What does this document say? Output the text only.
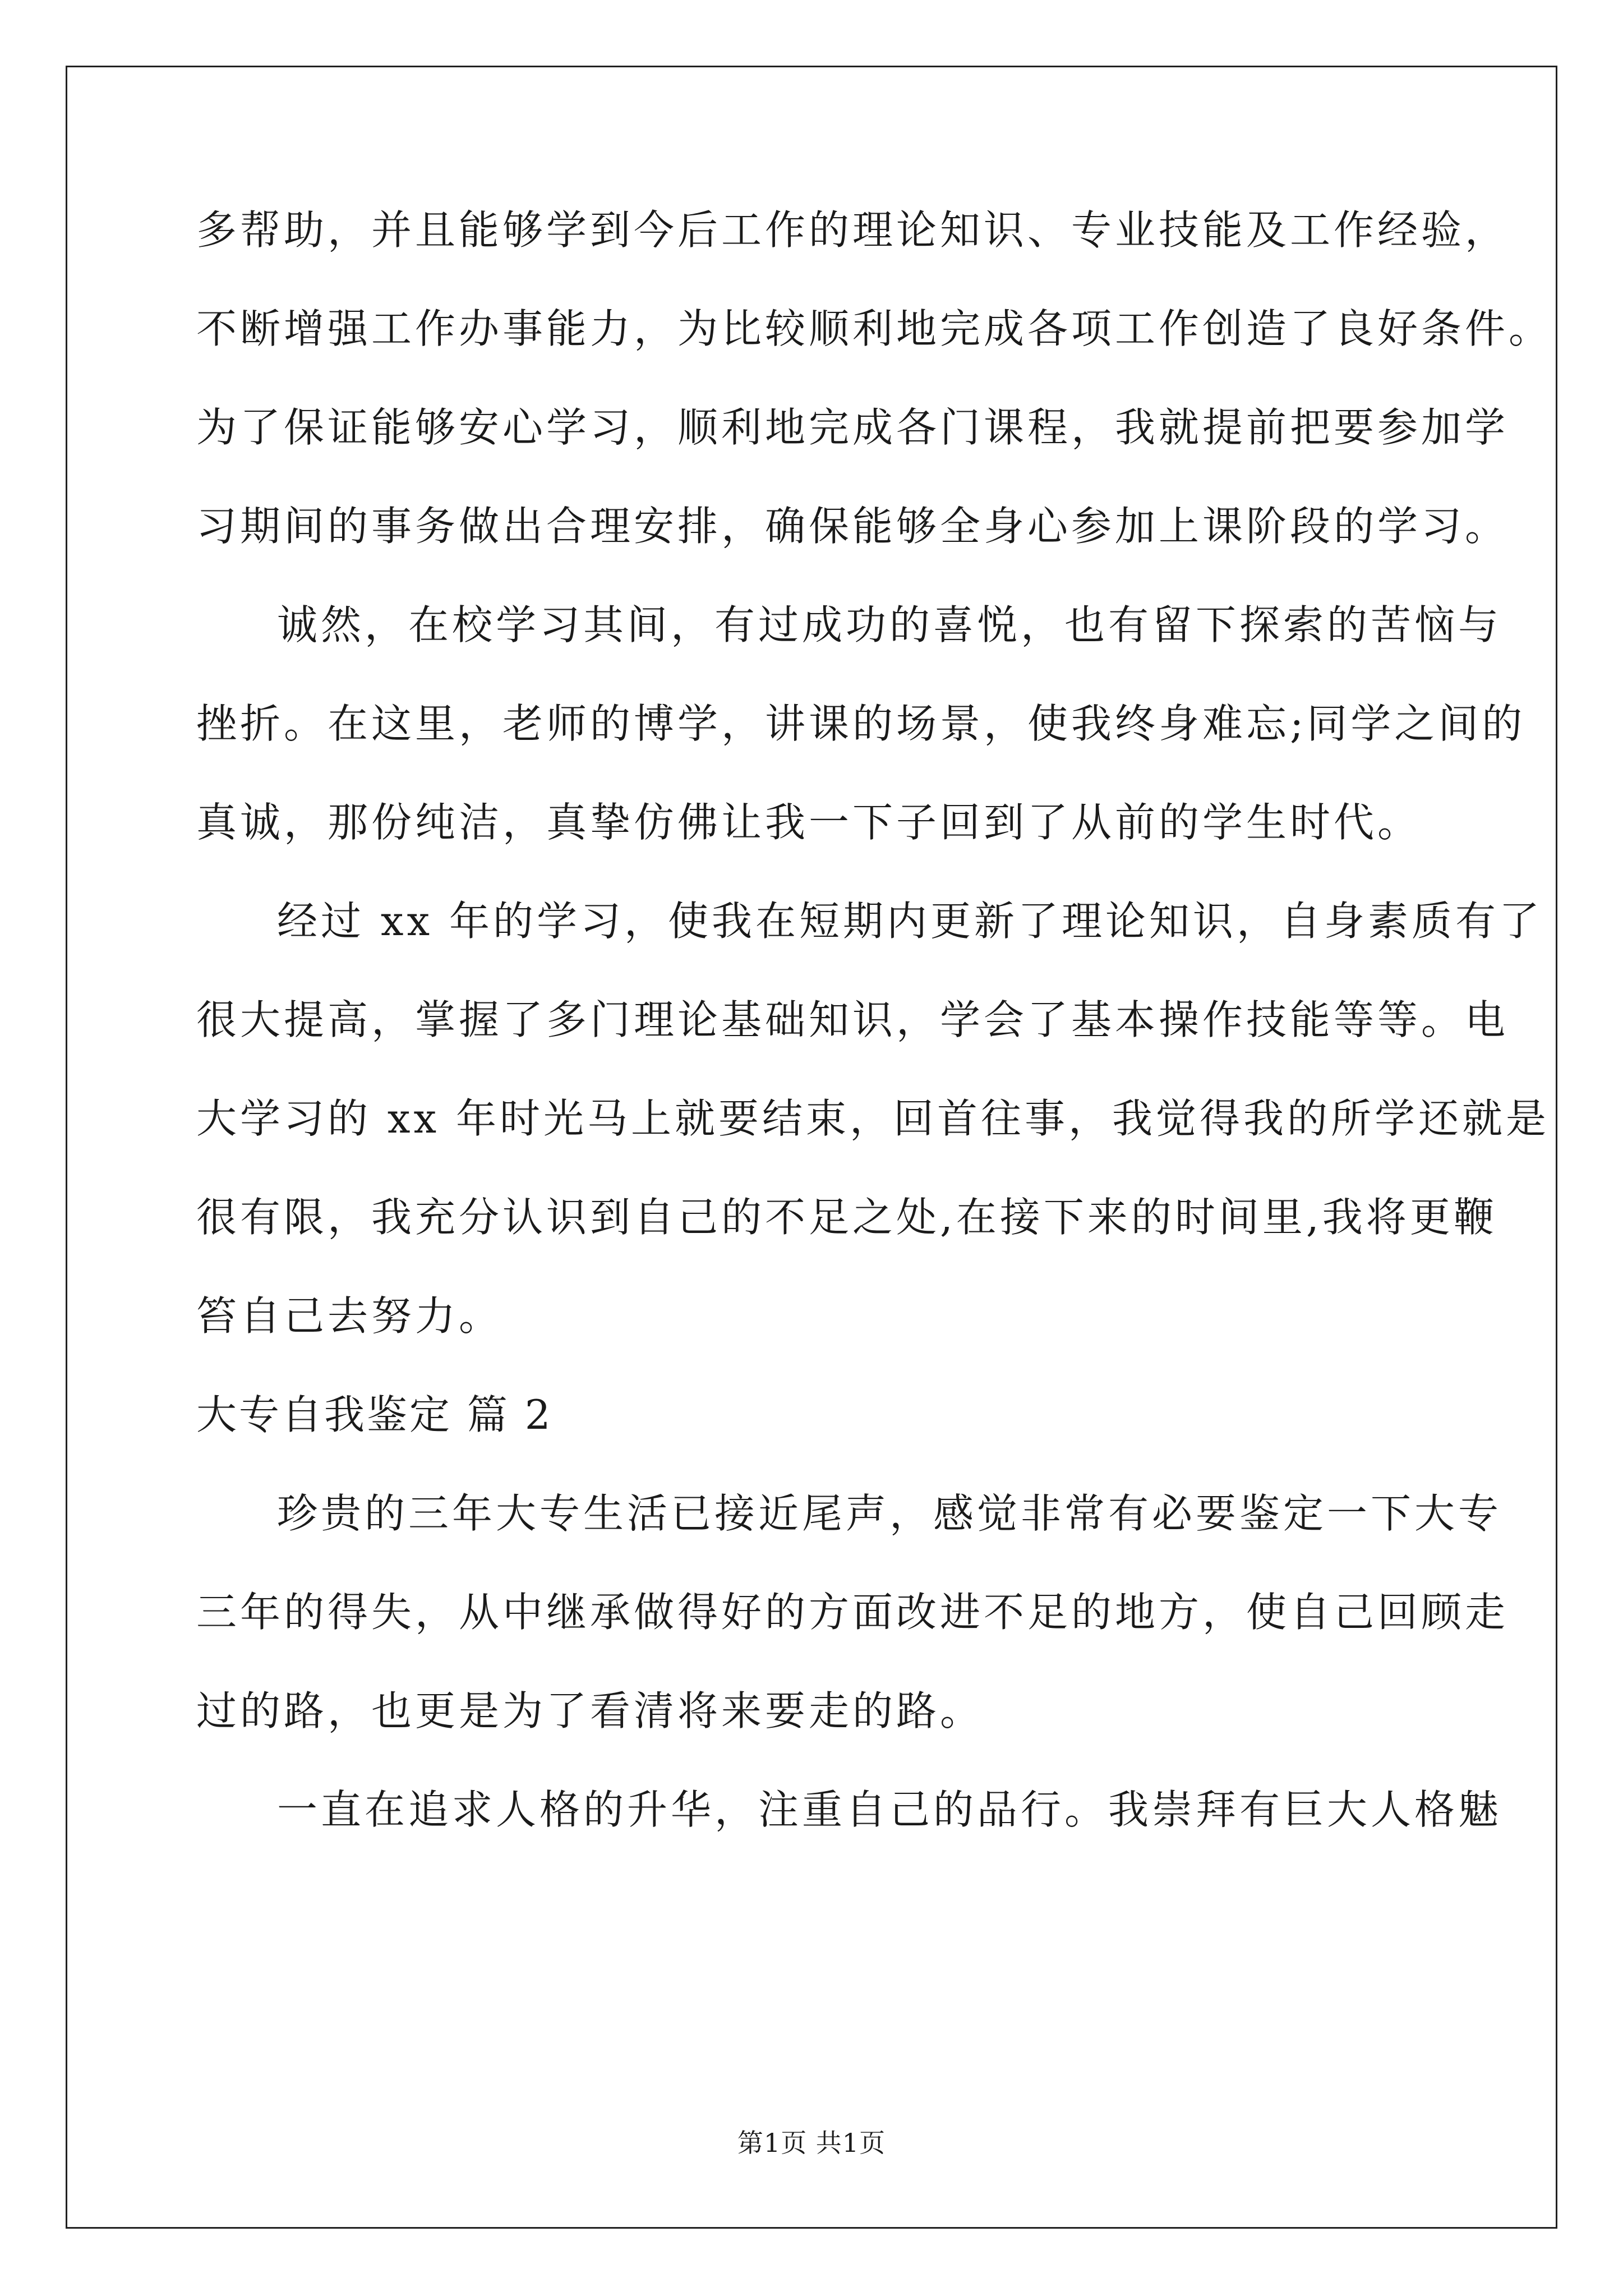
多帮助，并且能够学到今后工作的理论知识、专业技能及工作经验，
不断增强工作办事能力，为比较顺利地完成各项工作创造了良好条件。
为了保证能够安心学习，顺利地完成各门课程，我就提前把要参加学
习期间的事务做出合理安排，确保能够全身心参加上课阶段的学习。
诚然，在校学习其间，有过成功的喜悦，也有留下探索的苦恼与
挫折。在这里，老师的博学，讲课的场景，使我终身难忘;同学之间的
真诚，那份纯洁，真挚仿佛让我一下子回到了从前的学生时代。
经过 xx 年的学习，使我在短期内更新了理论知识，自身素质有了
很大提高，掌握了多门理论基础知识，学会了基本操作技能等等。电
大学习的 xx 年时光马上就要结束，回首往事，我觉得我的所学还就是
很有限，我充分认识到自己的不足之处,在接下来的时间里,我将更鞭
笞自己去努力。
大专自我鉴定 篇 2
珍贵的三年大专生活已接近尾声，感觉非常有必要鉴定一下大专
三年的得失，从中继承做得好的方面改进不足的地方，使自己回顾走
过的路，也更是为了看清将来要走的路。
一直在追求人格的升华，注重自己的品行。我崇拜有巨大人格魅
第1页 共1页
